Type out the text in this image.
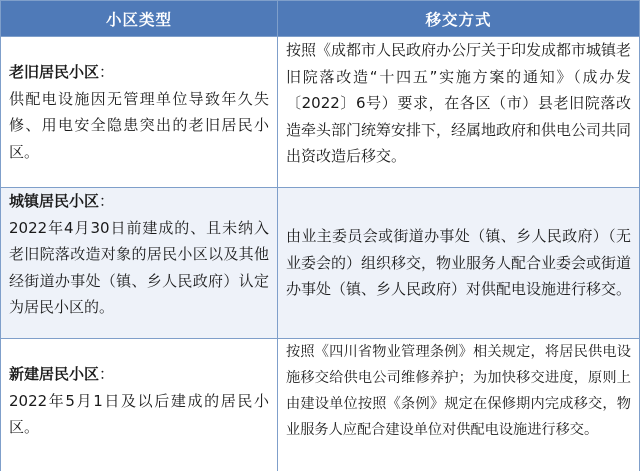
小区类型	移交方式
老旧居民小区：
供配电设施因无管理单位导致年久失修、用电安全隐患突出的老旧居民小区。
按照《成都市人民政府办公厅关于印发成都市城镇老旧院落改造“十四五”实施方案的通知》（成办发〔2022〕6号）要求，在各区（市）县老旧院落改造牵头部门统筹安排下，经属地政府和供电公司共同出资改造后移交。
城镇居民小区：
2022年4月30日前建成的、且未纳入老旧院落改造对象的居民小区以及其他经街道办事处（镇、乡人民政府）认定为居民小区的。
由业主委员会或街道办事处（镇、乡人民政府）（无业委会的）组织移交，物业服务人配合业委会或街道办事处（镇、乡人民政府）对供配电设施进行移交。
新建居民小区：
2022年5月1日及以后建成的居民小区。
按照《四川省物业管理条例》相关规定，将居民供电设施移交给供电公司维修养护；为加快移交进度，原则上由建设单位按照《条例》规定在保修期内完成移交，物业服务人应配合建设单位对供配电设施进行移交。
